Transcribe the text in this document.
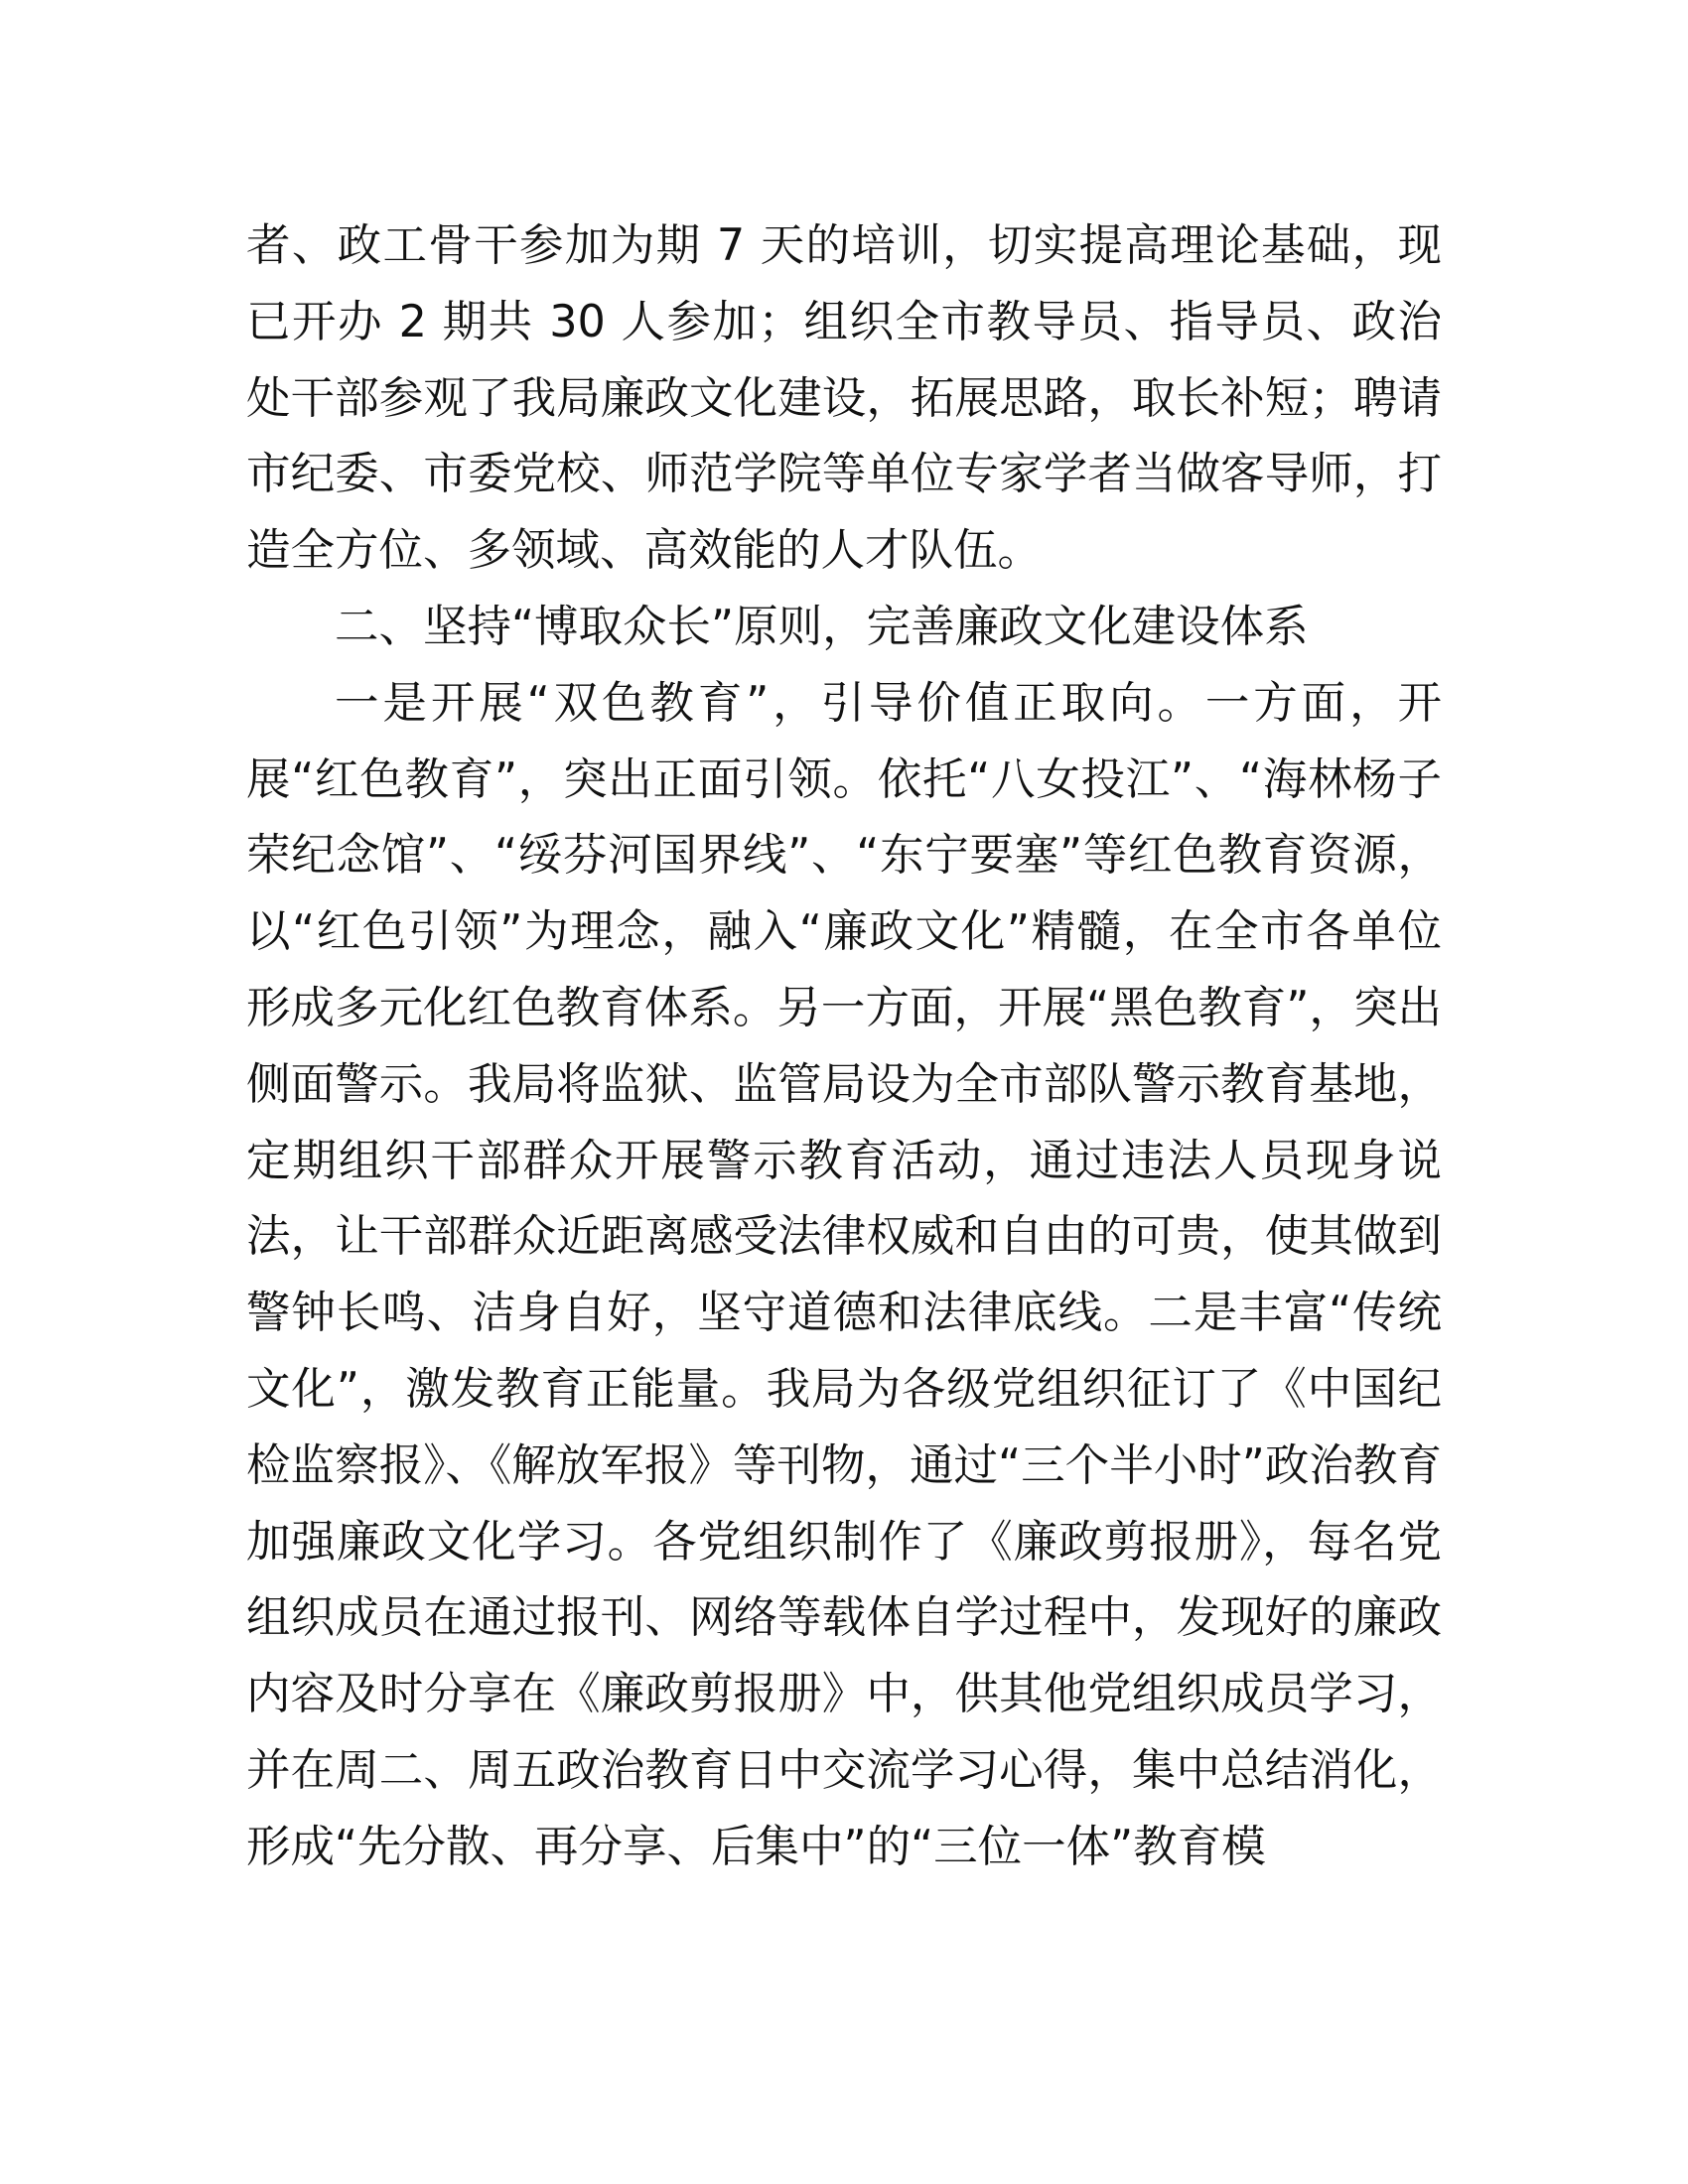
者、政工骨干参加为期 7 天的培训，切实提高理论基础，现已开办 2 期共 30 人参加；组织全市教导员、指导员、政治处干部参观了我局廉政文化建设，拓展思路，取长补短；聘请市纪委、市委党校、师范学院等单位专家学者当做客导师，打造全方位、多领域、高效能的人才队伍。

二、坚持“博取众长”原则，完善廉政文化建设体系

一是开展“双色教育”，引导价值正取向。一方面，开展“红色教育”，突出正面引领。依托“八女投江”、“海林杨子荣纪念馆”、“绥芬河国界线”、“东宁要塞”等红色教育资源，以“红色引领”为理念，融入“廉政文化”精髓，在全市各单位形成多元化红色教育体系。另一方面，开展“黑色教育”，突出侧面警示。我局将监狱、监管局设为全市部队警示教育基地，定期组织干部群众开展警示教育活动，通过违法人员现身说法，让干部群众近距离感受法律权威和自由的可贵，使其做到警钟长鸣、洁身自好，坚守道德和法律底线。二是丰富“传统文化”，激发教育正能量。我局为各级党组织征订了《中国纪检监察报》、《解放军报》等刊物，通过“三个半小时”政治教育加强廉政文化学习。各党组织制作了《廉政剪报册》，每名党组织成员在通过报刊、网络等载体自学过程中，发现好的廉政内容及时分享在《廉政剪报册》中，供其他党组织成员学习，并在周二、周五政治教育日中交流学习心得，集中总结消化，形成“先分散、再分享、后集中”的“三位一体”教育模
